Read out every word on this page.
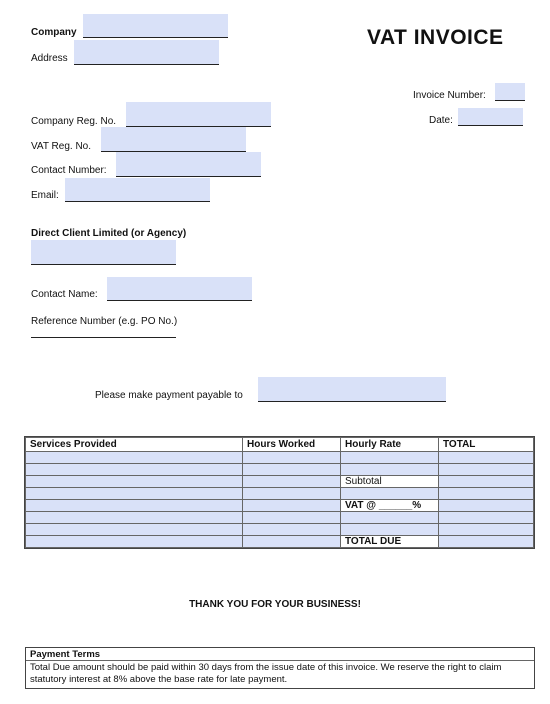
Company
Address
VAT INVOICE
Invoice Number:
Date:
Company Reg. No.
VAT Reg. No.
Contact Number:
Email:
Direct Client Limited (or Agency)
Contact Name:
Reference Number (e.g. PO No.)
Please make payment payable to
Services Provided	Hours Worked	Hourly Rate	TOTAL

		Subtotal	

		VAT @ ______%	

		TOTAL DUE	
THANK YOU FOR YOUR BUSINESS!
Payment Terms
Total Due amount should be paid within 30 days from the issue date of this invoice. We reserve the right to claim statutory interest at 8% above the base rate for late payment.
